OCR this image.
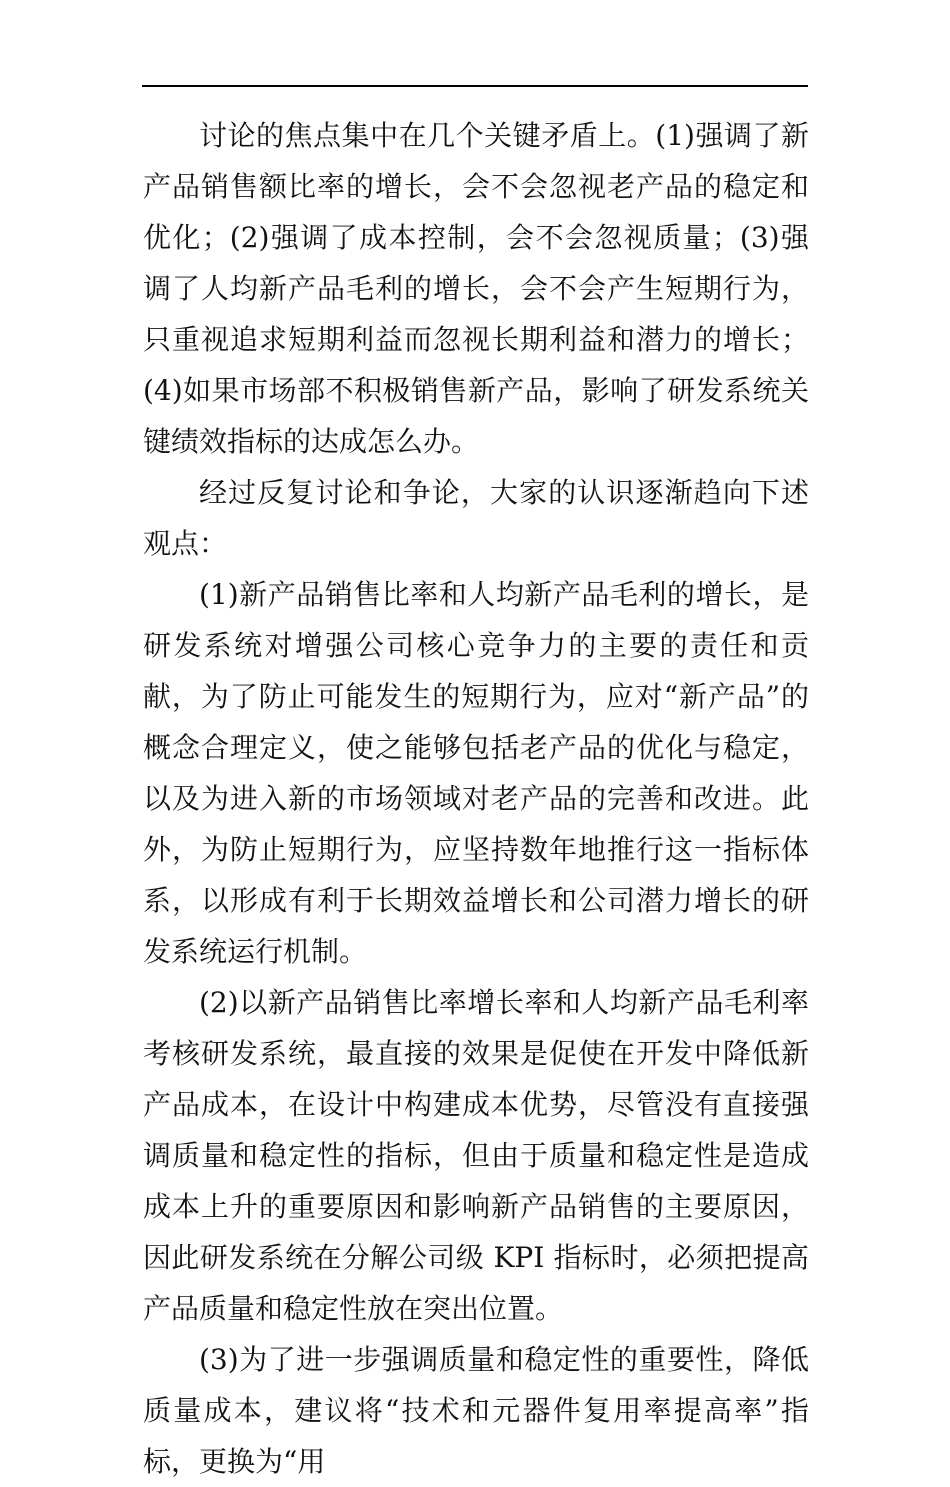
讨论的焦点集中在几个关键矛盾上。(1)强调了新产品销售额比率的增长，会不会忽视老产品的稳定和优化；(2)强调了成本控制，会不会忽视质量；(3)强调了人均新产品毛利的增长，会不会产生短期行为，只重视追求短期利益而忽视长期利益和潜力的增长；(4)如果市场部不积极销售新产品，影响了研发系统关键绩效指标的达成怎么办。

经过反复讨论和争论，大家的认识逐渐趋向下述观点：

(1)新产品销售比率和人均新产品毛利的增长，是研发系统对增强公司核心竞争力的主要的责任和贡献，为了防止可能发生的短期行为，应对“新产品”的概念合理定义，使之能够包括老产品的优化与稳定，以及为进入新的市场领域对老产品的完善和改进。此外，为防止短期行为，应坚持数年地推行这一指标体系，以形成有利于长期效益增长和公司潜力增长的研发系统运行机制。

(2)以新产品销售比率增长率和人均新产品毛利率考核研发系统，最直接的效果是促使在开发中降低新产品成本，在设计中构建成本优势，尽管没有直接强调质量和稳定性的指标，但由于质量和稳定性是造成成本上升的重要原因和影响新产品销售的主要原因，因此研发系统在分解公司级 KPI 指标时，必须把提高产品质量和稳定性放在突出位置。

(3)为了进一步强调质量和稳定性的重要性，降低质量成本，建议将“技术和元器件复用率提高率”指标，更换为“用
